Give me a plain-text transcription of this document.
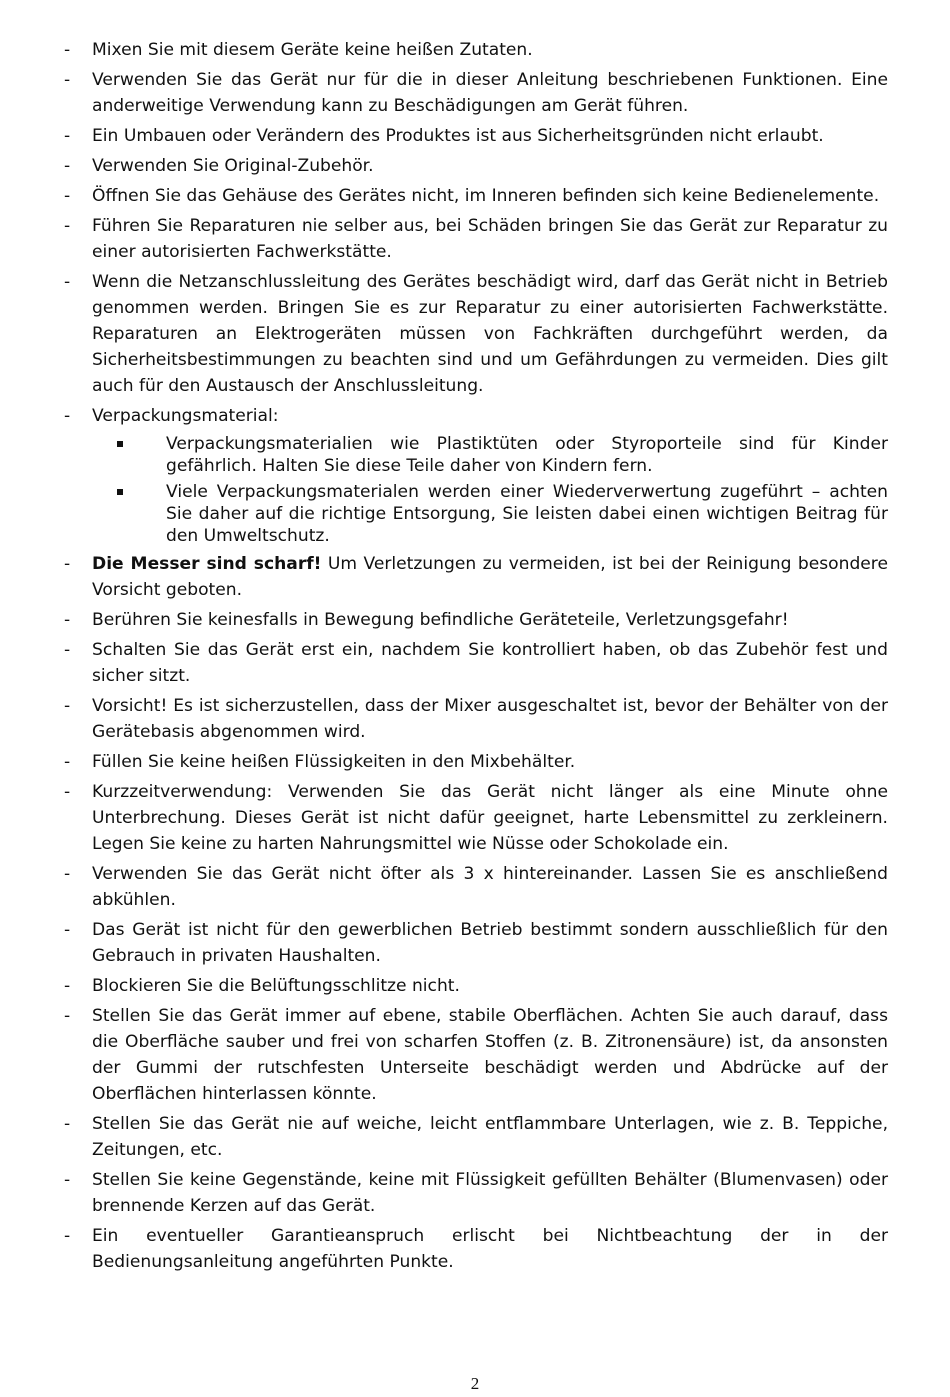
-	Mixen Sie mit diesem Geräte keine heißen Zutaten.
-	Verwenden Sie das Gerät nur für die in dieser Anleitung beschriebenen Funktionen. Eine anderweitige Verwendung kann zu Beschädigungen am Gerät führen.
-	Ein Umbauen oder Verändern des Produktes ist aus Sicherheitsgründen nicht erlaubt.
-	Verwenden Sie Original-Zubehör.
-	Öffnen Sie das Gehäuse des Gerätes nicht, im Inneren befinden sich keine Bedienelemente.
-	Führen Sie Reparaturen nie selber aus, bei Schäden bringen Sie das Gerät zur Reparatur zu einer autorisierten Fachwerkstätte.
-	Wenn die Netzanschlussleitung des Gerätes beschädigt wird, darf das Gerät nicht in Betrieb genommen werden. Bringen Sie es zur Reparatur zu einer autorisierten Fachwerkstätte. Reparaturen an Elektrogeräten müssen von Fachkräften durchgeführt werden, da Sicherheitsbestimmungen zu beachten sind und um Gefährdungen zu vermeiden. Dies gilt auch für den Austausch der Anschlussleitung.
-	Verpackungsmaterial:
Verpackungsmaterialien wie Plastiktüten oder Styroporteile sind für Kinder gefährlich. Halten Sie diese Teile daher von Kindern fern.
Viele Verpackungsmaterialen werden einer Wiederverwertung zugeführt – achten Sie daher auf die richtige Entsorgung, Sie leisten dabei einen wichtigen Beitrag für den Umweltschutz.
-	Die Messer sind scharf! Um Verletzungen zu vermeiden, ist bei der Reinigung besondere Vorsicht geboten.
-	Berühren Sie keinesfalls in Bewegung befindliche Geräteteile, Verletzungsgefahr!
-	Schalten Sie das Gerät erst ein, nachdem Sie kontrolliert haben, ob das Zubehör fest und sicher sitzt.
-	Vorsicht! Es ist sicherzustellen, dass der Mixer ausgeschaltet ist, bevor der Behälter von der Gerätebasis abgenommen wird.
-	Füllen Sie keine heißen Flüssigkeiten in den Mixbehälter.
-	Kurzzeitverwendung: Verwenden Sie das Gerät nicht länger als eine Minute ohne Unterbrechung. Dieses Gerät ist nicht dafür geeignet, harte Lebensmittel zu zerkleinern. Legen Sie keine zu harten Nahrungsmittel wie Nüsse oder Schokolade ein.
-	Verwenden Sie das Gerät nicht öfter als 3 x hintereinander. Lassen Sie es anschließend abkühlen.
-	Das Gerät ist nicht für den gewerblichen Betrieb bestimmt sondern ausschließlich für den Gebrauch in privaten Haushalten.
-	Blockieren Sie die Belüftungsschlitze nicht.
-	Stellen Sie das Gerät immer auf ebene, stabile Oberflächen. Achten Sie auch darauf, dass die Oberfläche sauber und frei von scharfen Stoffen (z. B. Zitronensäure) ist, da ansonsten der Gummi der rutschfesten Unterseite beschädigt werden und Abdrücke auf der Oberflächen hinterlassen könnte.
-	Stellen Sie das Gerät nie auf weiche, leicht entflammbare Unterlagen, wie z. B. Teppiche, Zeitungen, etc.
-	Stellen Sie keine Gegenstände, keine mit Flüssigkeit gefüllten Behälter (Blumenvasen) oder brennende Kerzen auf das Gerät.
-	Ein eventueller Garantieanspruch erlischt bei Nichtbeachtung der in der Bedienungsanleitung angeführten Punkte.
2
